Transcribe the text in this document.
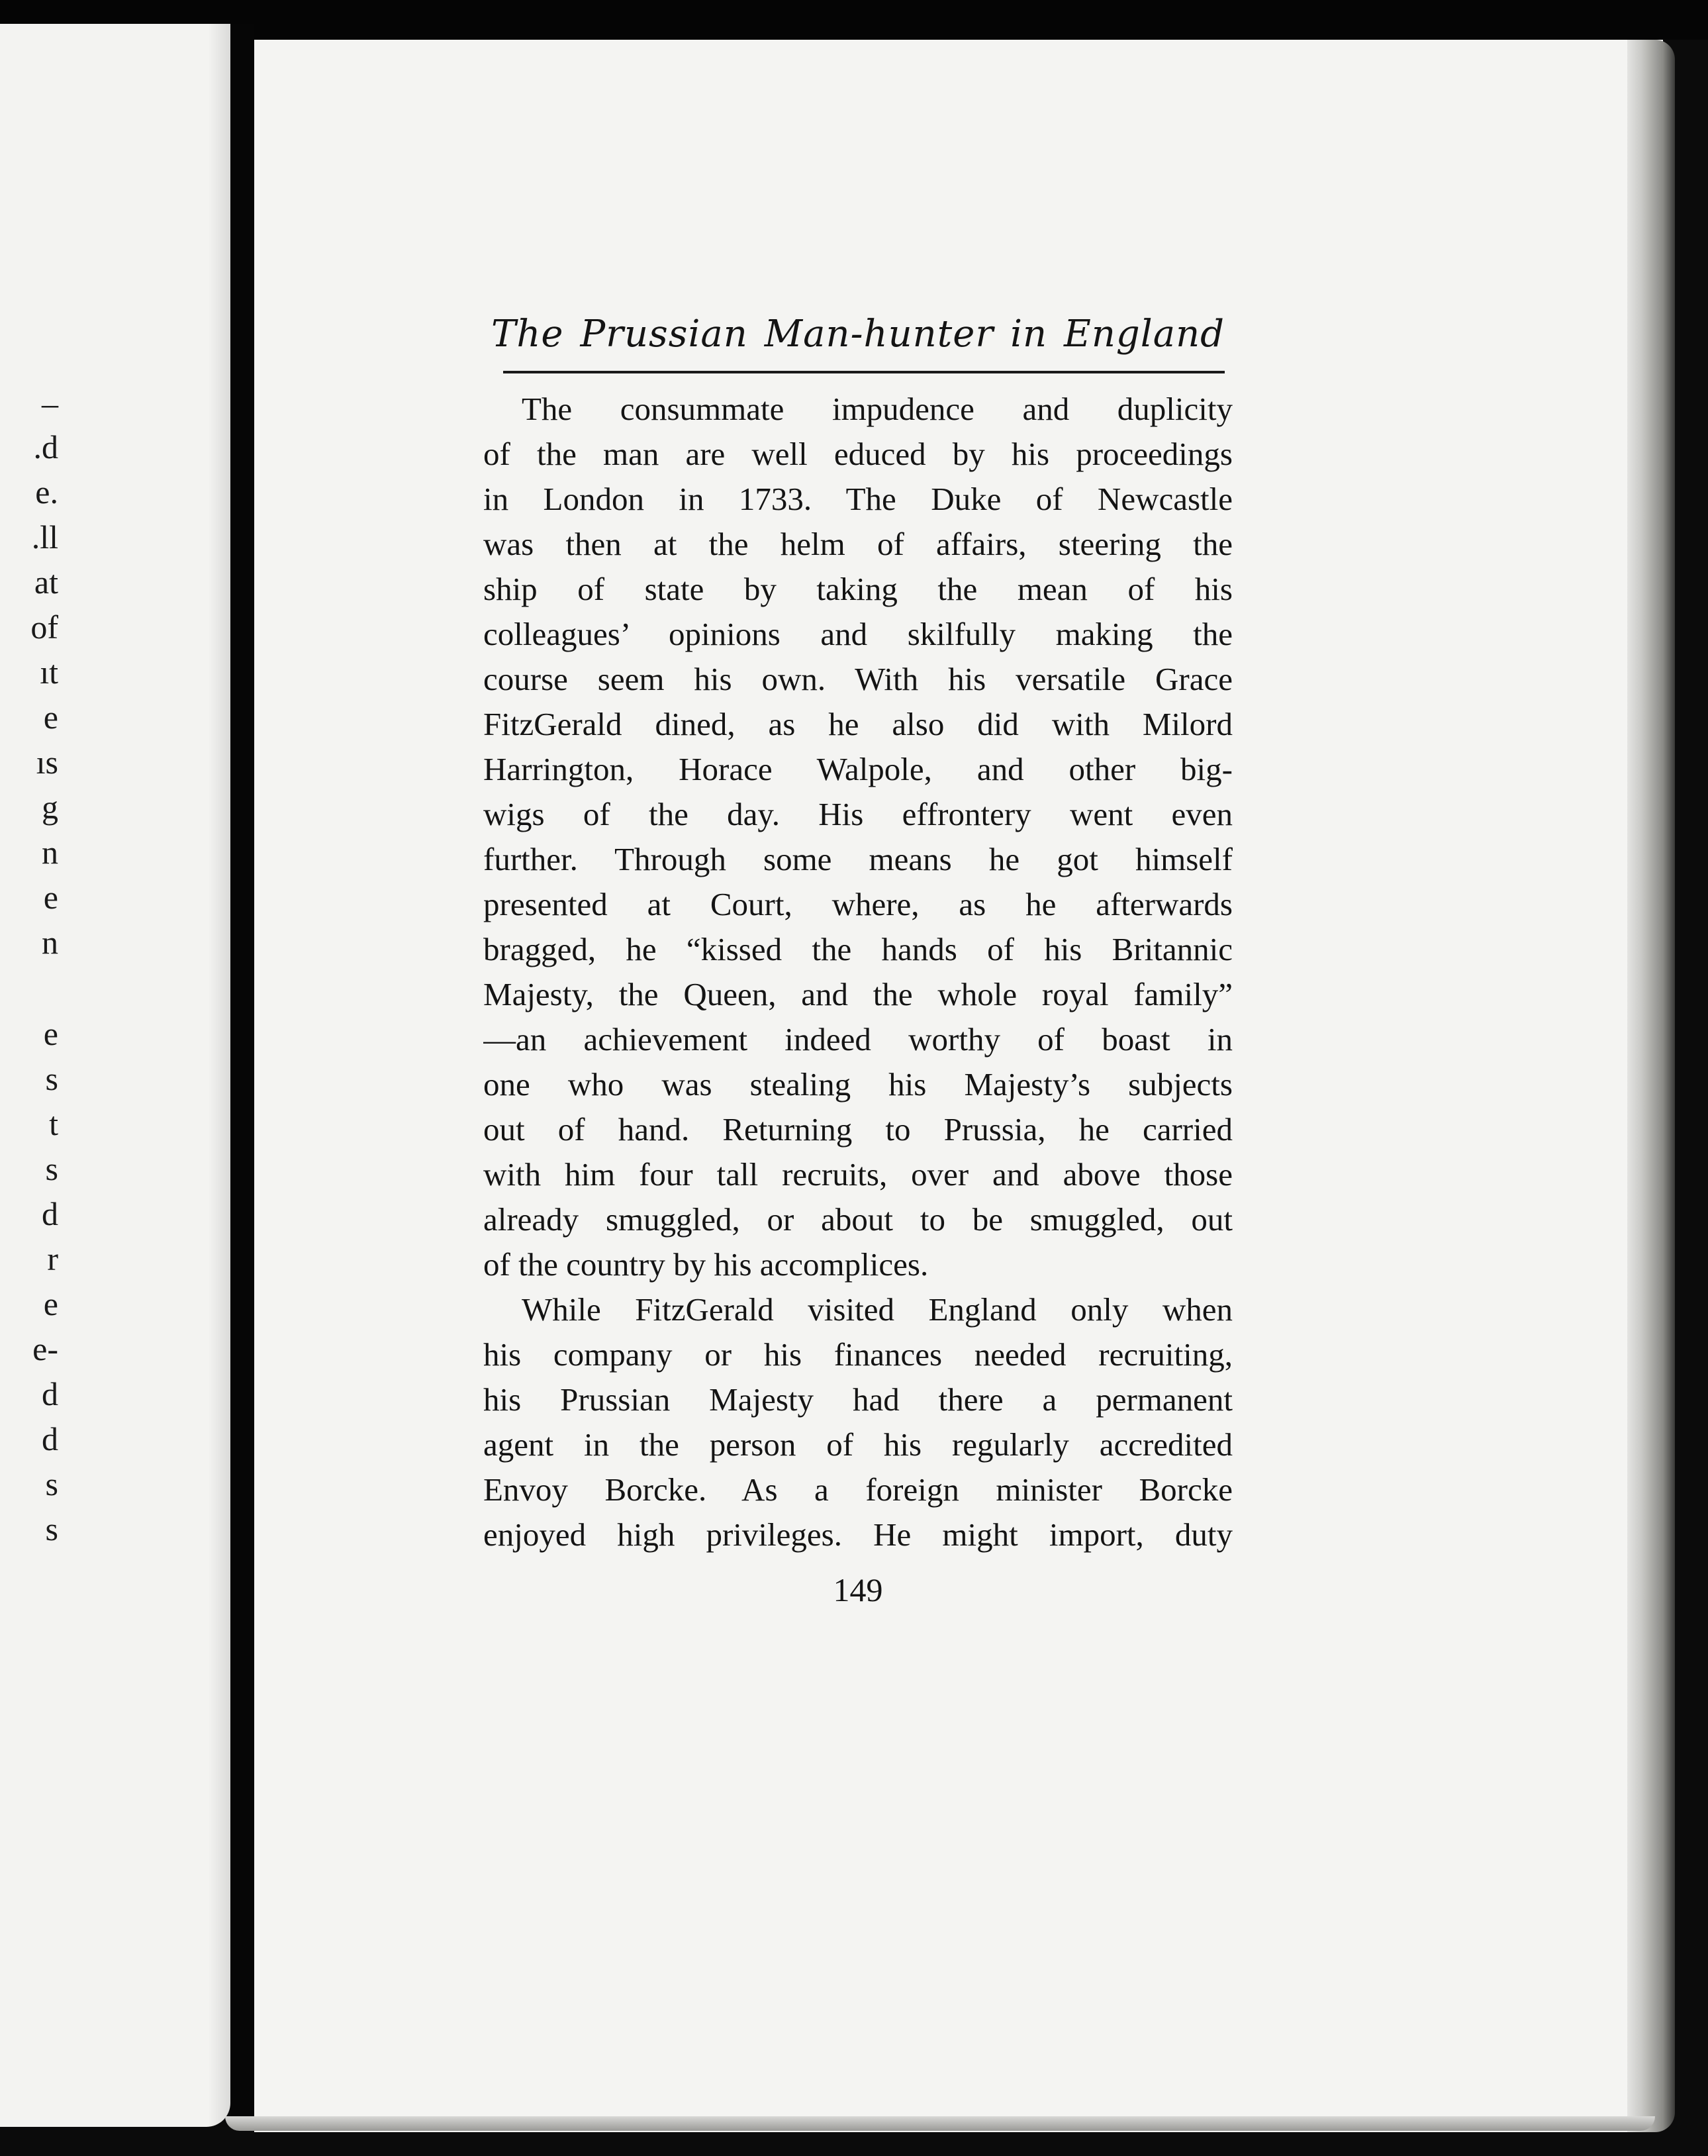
–
.d
e.
.ll
at
of
ıt
e
ıs
g
n
e
n
e
s
t
s
d
r
e
e-
d
d
s
s
The Prussian Man-hunter in England
The consummate impudence and duplicity
of the man are well educed by his proceedings
in London in 1733. The Duke of Newcastle
was then at the helm of affairs, steering the
ship of state by taking the mean of his
colleagues’ opinions and skilfully making the
course seem his own. With his versatile Grace
FitzGerald dined, as he also did with Milord
Harrington, Horace Walpole, and other big-
wigs of the day. His effrontery went even
further. Through some means he got himself
presented at Court, where, as he afterwards
bragged, he “kissed the hands of his Britannic
Majesty, the Queen, and the whole royal family”
—an achievement indeed worthy of boast in
one who was stealing his Majesty’s subjects
out of hand. Returning to Prussia, he carried
with him four tall recruits, over and above those
already smuggled, or about to be smuggled, out
of the country by his accomplices.
While FitzGerald visited England only when
his company or his finances needed recruiting,
his Prussian Majesty had there a permanent
agent in the person of his regularly accredited
Envoy Borcke. As a foreign minister Borcke
enjoyed high privileges. He might import, duty
149
